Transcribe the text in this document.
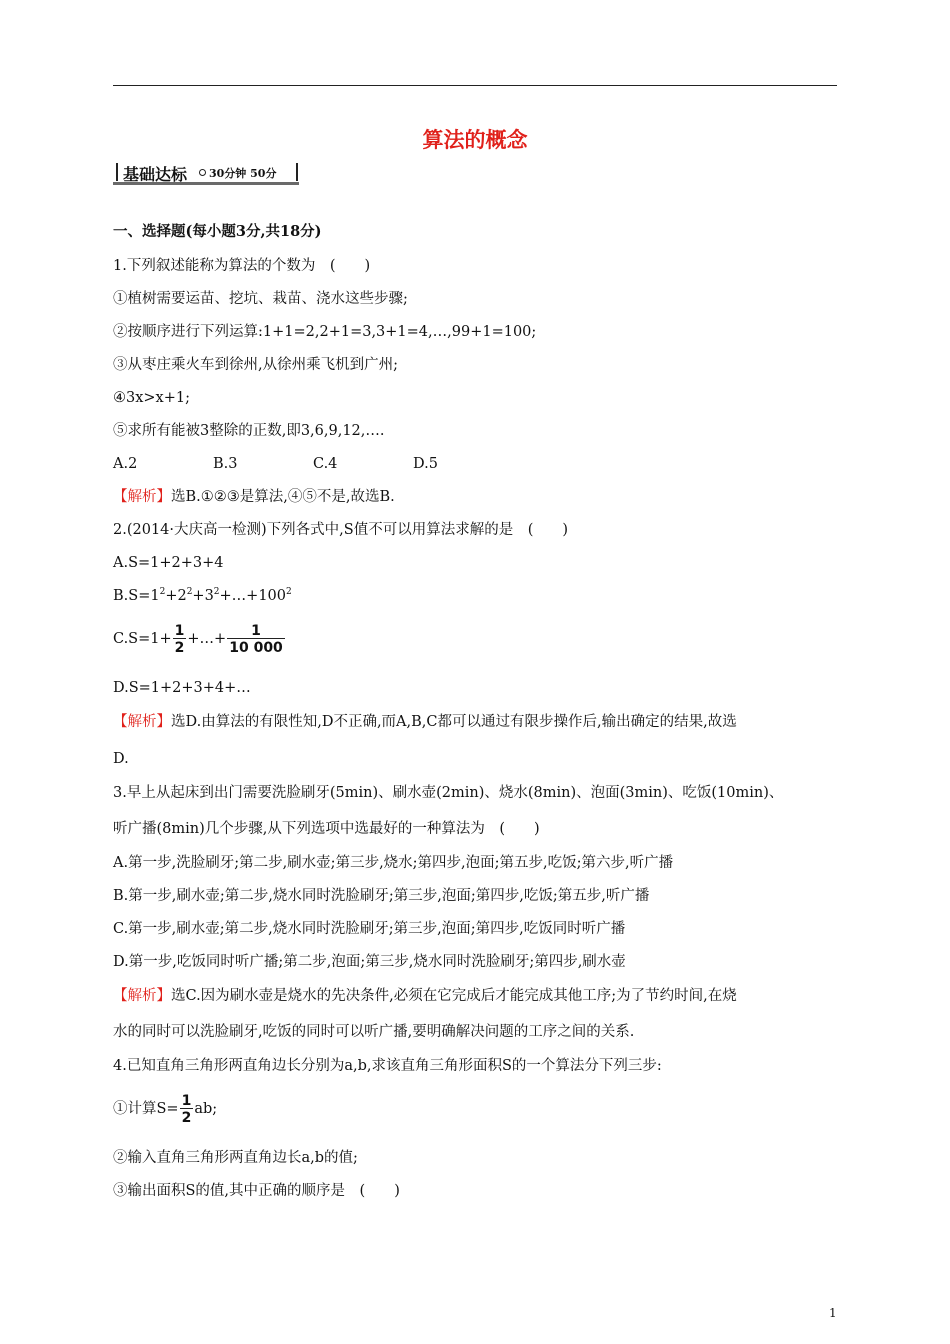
算法的概念
基础达标 30分钟 50分
一、选择题(每小题3分,共18分)
1.下列叙述能称为算法的个数为　(　　)
①植树需要运苗、挖坑、栽苗、浇水这些步骤;
②按顺序进行下列运算:1+1=2,2+1=3,3+1=4,…,99+1=100;
③从枣庄乘火车到徐州,从徐州乘飞机到广州;
④3x>x+1;
⑤求所有能被3整除的正数,即3,6,9,12,….
A.2	B.3	C.4	D.5
【解析】选B.①②③是算法,④⑤不是,故选B.
2.(2014·大庆高一检测)下列各式中,S值不可以用算法求解的是　(　　)
A.S=1+2+3+4
$B.S=1^2+2^2+3^2+\dots+100^2$
$C.S=1+ \frac{1}{2}$ +…+ $\frac{1}{10 000}$
D.S=1+2+3+4+…
【解析】选D.由算法的有限性知,D不正确,而A,B,C都可以通过有限步操作后,输出确定的结果,故选
D.
3.早上从起床到出门需要洗脸刷牙(5min)、刷水壶(2min)、烧水(8min)、泡面(3min)、吃饭(10min)、
听广播(8min)几个步骤,从下列选项中选最好的一种算法为　(　　)
A.第一步,洗脸刷牙;第二步,刷水壶;第三步,烧水;第四步,泡面;第五步,吃饭;第六步,听广播
B.第一步,刷水壶;第二步,烧水同时洗脸刷牙;第三步,泡面;第四步,吃饭;第五步,听广播
C.第一步,刷水壶;第二步,烧水同时洗脸刷牙;第三步,泡面;第四步,吃饭同时听广播
D.第一步,吃饭同时听广播;第二步,泡面;第三步,烧水同时洗脸刷牙;第四步,刷水壶
【解析】选C.因为刷水壶是烧水的先决条件,必须在它完成后才能完成其他工序;为了节约时间,在烧
水的同时可以洗脸刷牙,吃饭的同时可以听广播,要明确解决问题的工序之间的关系.
4.已知直角三角形两直角边长分别为a,b,求该直角三角形面积S的一个算法分下列三步:
①计算$S= \frac{1}{2}$ ab;
②输入直角三角形两直角边长a,b的值;
③输出面积S的值,其中正确的顺序是　(　　)
1
